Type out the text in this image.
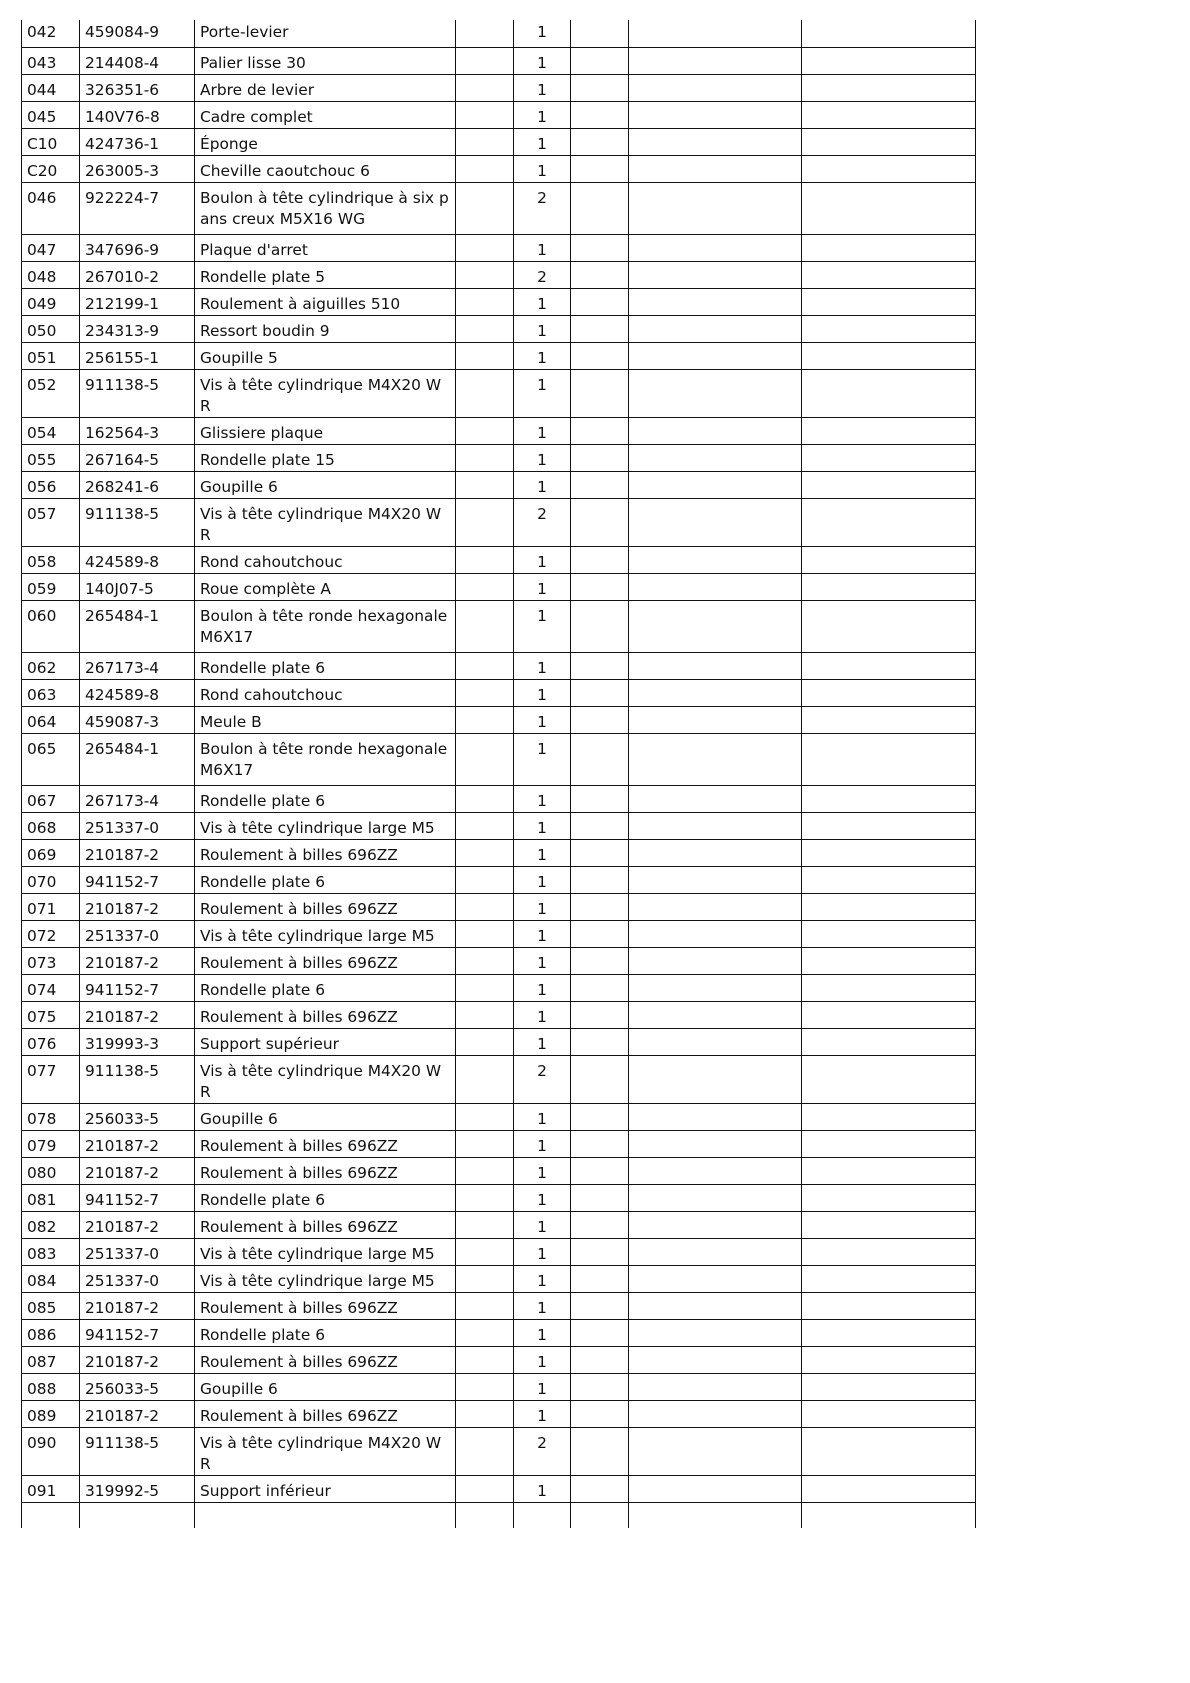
042	459084-9	Porte-levier		1			
043	214408-4	Palier lisse 30		1			
044	326351-6	Arbre de levier		1			
045	140V76-8	Cadre complet		1			
C10	424736-1	Éponge		1			
C20	263005-3	Cheville caoutchouc 6		1			
046	922224-7	Boulon à tête cylindrique à six pans creux M5X16 WG		2			
047	347696-9	Plaque d'arret		1			
048	267010-2	Rondelle plate 5		2			
049	212199-1	Roulement à aiguilles 510		1			
050	234313-9	Ressort boudin 9		1			
051	256155-1	Goupille 5		1			
052	911138-5	Vis à tête cylindrique M4X20 WR		1			
054	162564-3	Glissiere plaque		1			
055	267164-5	Rondelle plate 15		1			
056	268241-6	Goupille 6		1			
057	911138-5	Vis à tête cylindrique M4X20 WR		2			
058	424589-8	Rond cahoutchouc		1			
059	140J07-5	Roue complète A		1			
060	265484-1	Boulon à tête ronde hexagonale M6X17		1			
062	267173-4	Rondelle plate 6		1			
063	424589-8	Rond cahoutchouc		1			
064	459087-3	Meule B		1			
065	265484-1	Boulon à tête ronde hexagonale M6X17		1			
067	267173-4	Rondelle plate 6		1			
068	251337-0	Vis à tête cylindrique large M5		1			
069	210187-2	Roulement à billes 696ZZ		1			
070	941152-7	Rondelle plate 6		1			
071	210187-2	Roulement à billes 696ZZ		1			
072	251337-0	Vis à tête cylindrique large M5		1			
073	210187-2	Roulement à billes 696ZZ		1			
074	941152-7	Rondelle plate 6		1			
075	210187-2	Roulement à billes 696ZZ		1			
076	319993-3	Support supérieur		1			
077	911138-5	Vis à tête cylindrique M4X20 WR		2			
078	256033-5	Goupille 6		1			
079	210187-2	Roulement à billes 696ZZ		1			
080	210187-2	Roulement à billes 696ZZ		1			
081	941152-7	Rondelle plate 6		1			
082	210187-2	Roulement à billes 696ZZ		1			
083	251337-0	Vis à tête cylindrique large M5		1			
084	251337-0	Vis à tête cylindrique large M5		1			
085	210187-2	Roulement à billes 696ZZ		1			
086	941152-7	Rondelle plate 6		1			
087	210187-2	Roulement à billes 696ZZ		1			
088	256033-5	Goupille 6		1			
089	210187-2	Roulement à billes 696ZZ		1			
090	911138-5	Vis à tête cylindrique M4X20 WR		2			
091	319992-5	Support inférieur		1			
